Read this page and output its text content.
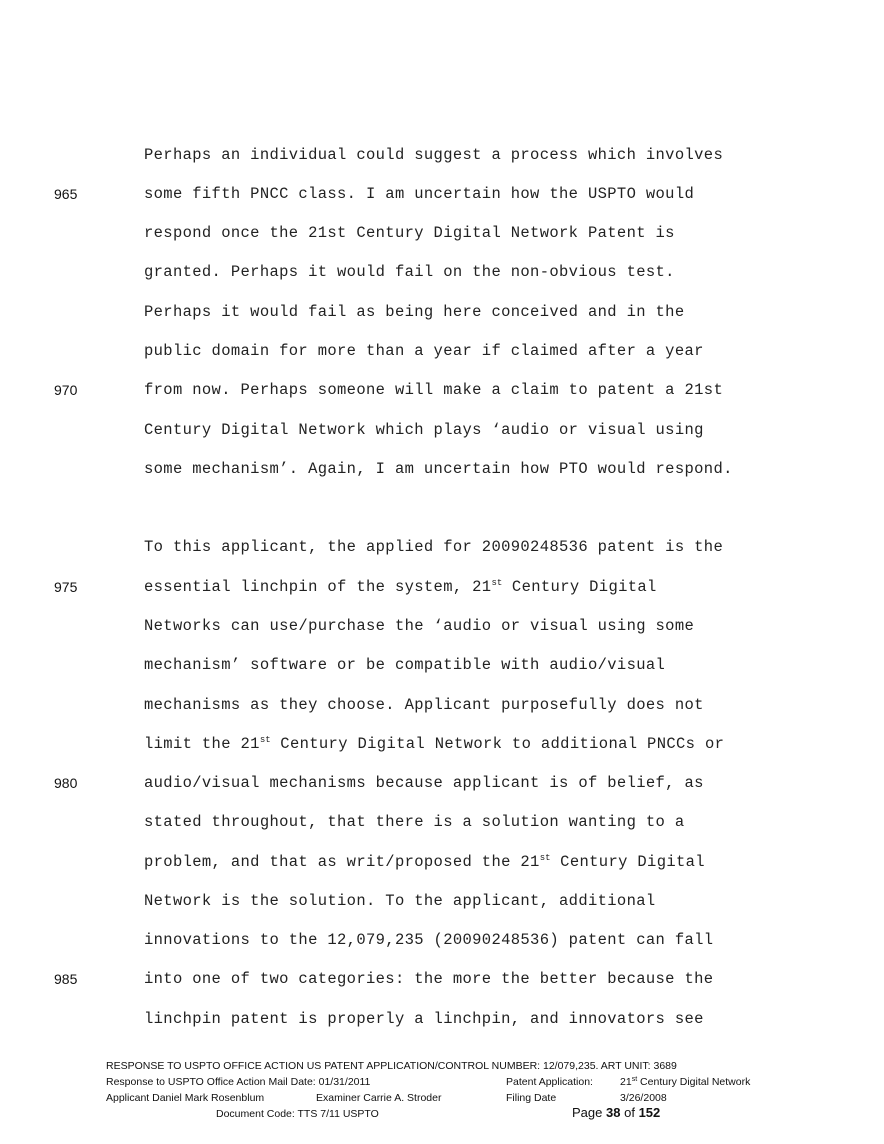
965
970
975
980
985
Perhaps an individual could suggest a process which involves
some fifth PNCC class. I am uncertain how the USPTO would
respond once the 21st Century Digital Network Patent is
granted. Perhaps it would fail on the non-obvious test.
Perhaps it would fail as being here conceived and in the
public domain for more than a year if claimed after a year
from now. Perhaps someone will make a claim to patent a 21st
Century Digital Network which plays ‘audio or visual using
some mechanism’. Again, I am uncertain how PTO would respond.
To this applicant, the applied for 20090248536 patent is the
essential linchpin of the system, 21st Century Digital
Networks can use/purchase the ‘audio or visual using some
mechanism’ software or be compatible with audio/visual
mechanisms as they choose. Applicant purposefully does not
limit the 21st Century Digital Network to additional PNCCs or
audio/visual mechanisms because applicant is of belief, as
stated throughout, that there is a solution wanting to a
problem, and that as writ/proposed the 21st Century Digital
Network is the solution. To the applicant, additional
innovations to the 12,079,235 (20090248536) patent can fall
into one of two categories: the more the better because the
linchpin patent is properly a linchpin, and innovators see
RESPONSE TO USPTO OFFICE ACTION US PATENT APPLICATION/CONTROL NUMBER: 12/079,235. ART UNIT: 3689
Response to USPTO Office Action Mail Date: 01/31/2011	Patent Application:	21st Century Digital Network
Applicant Daniel Mark Rosenblum	Examiner Carrie A. Stroder	Filing Date	3/26/2008
Document Code: TTS 7/11 USPTO	Page 38 of 152
